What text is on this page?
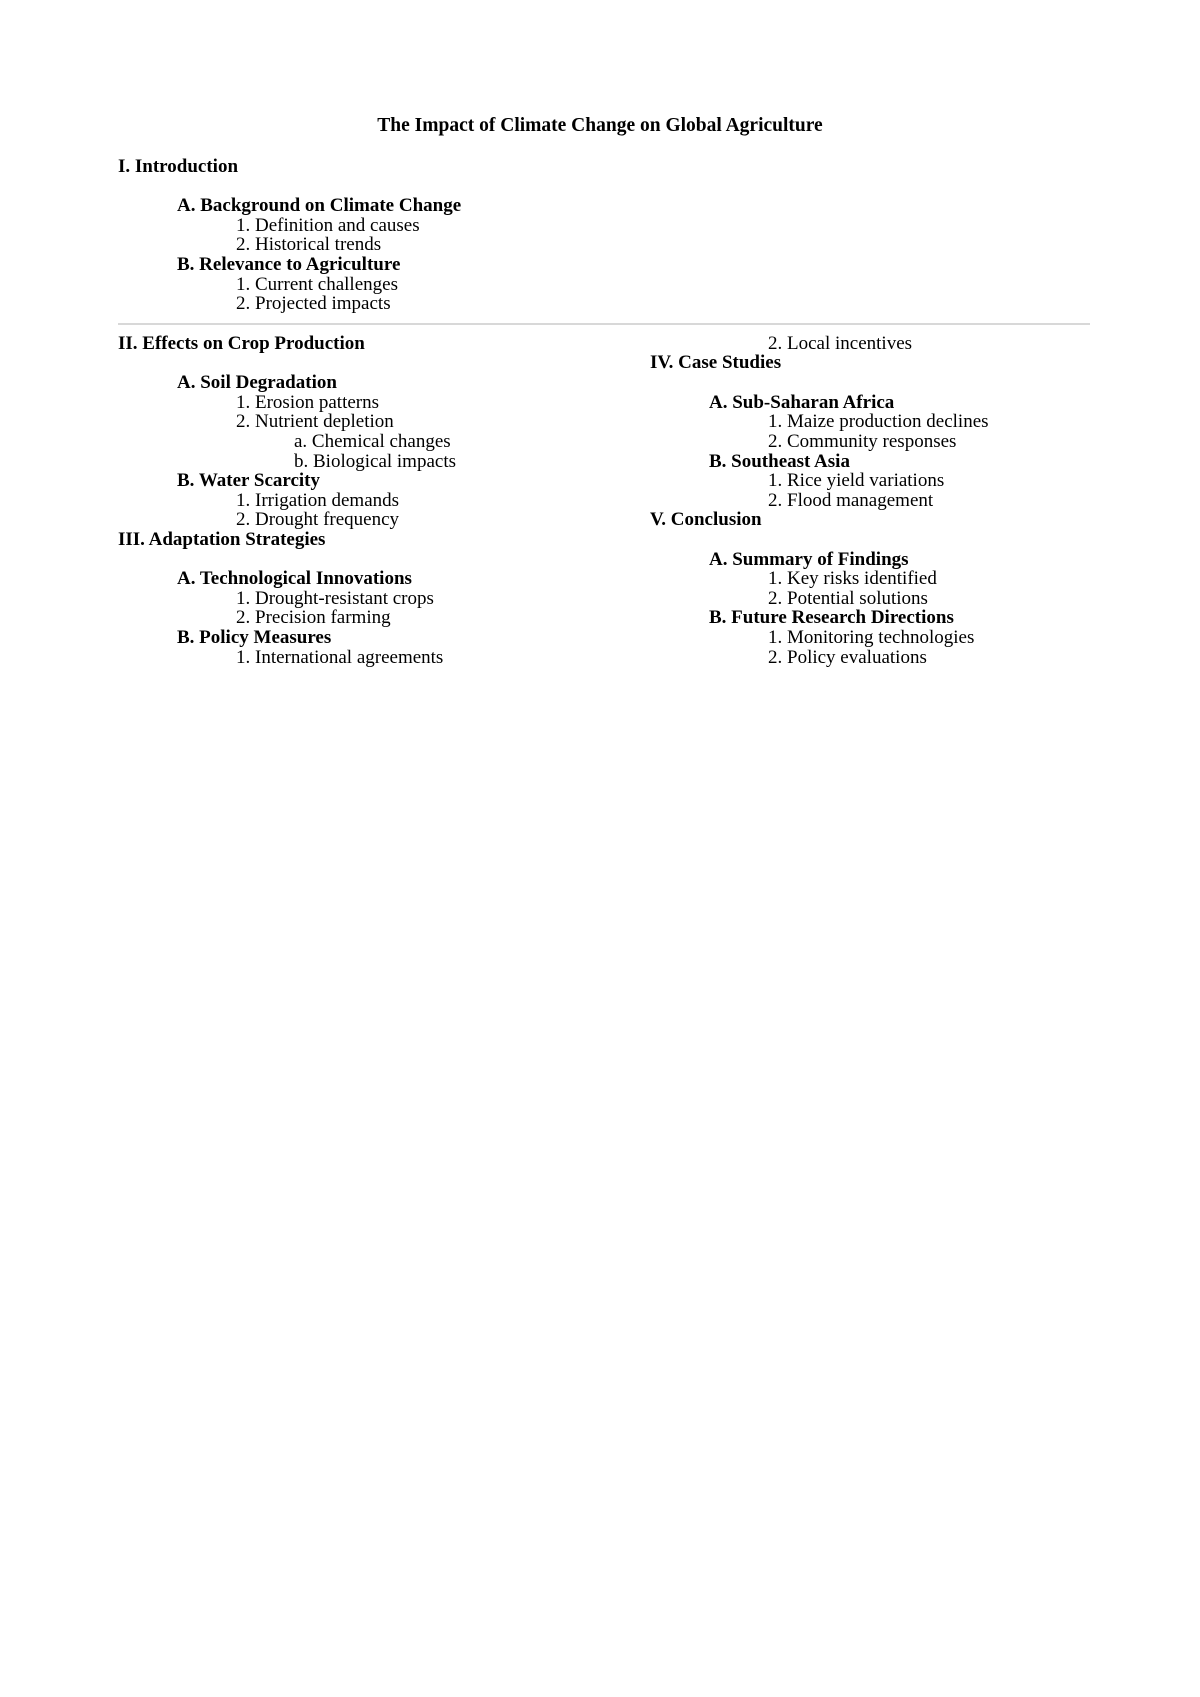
The Impact of Climate Change on Global Agriculture
I. Introduction
A. Background on Climate Change
1. Definition and causes
2. Historical trends
B. Relevance to Agriculture
1. Current challenges
2. Projected impacts
II. Effects on Crop Production
A. Soil Degradation
1. Erosion patterns
2. Nutrient depletion
a. Chemical changes
b. Biological impacts
B. Water Scarcity
1. Irrigation demands
2. Drought frequency
III. Adaptation Strategies
A. Technological Innovations
1. Drought-resistant crops
2. Precision farming
B. Policy Measures
1. International agreements
2. Local incentives
IV. Case Studies
A. Sub-Saharan Africa
1. Maize production declines
2. Community responses
B. Southeast Asia
1. Rice yield variations
2. Flood management
V. Conclusion
A. Summary of Findings
1. Key risks identified
2. Potential solutions
B. Future Research Directions
1. Monitoring technologies
2. Policy evaluations
